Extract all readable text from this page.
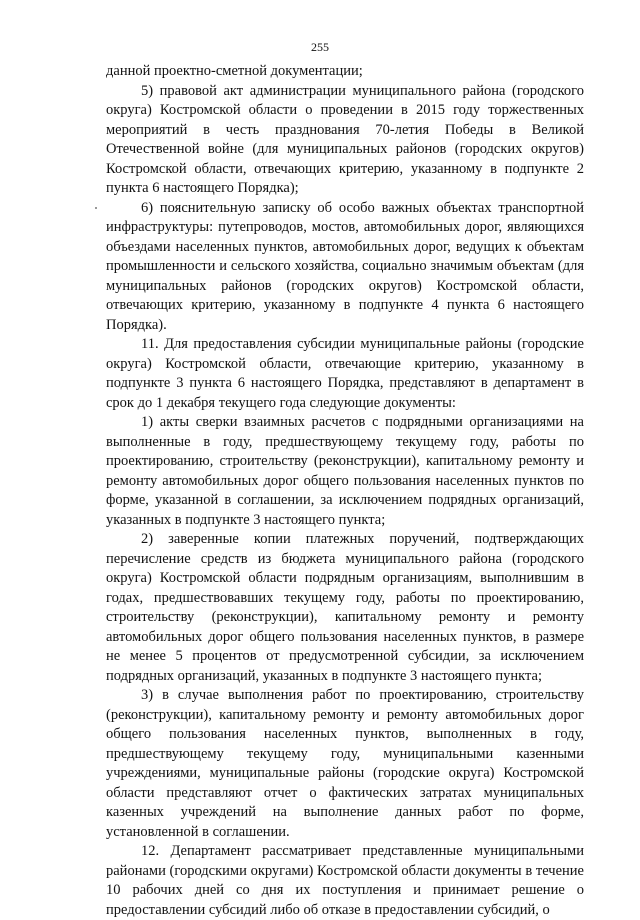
255

данной проектно-сметной документации;

5) правовой акт администрации муниципального района (городского округа) Костромской области о проведении в 2015 году торжественных мероприятий в честь празднования 70-летия Победы в Великой Отечественной войне (для муниципальных районов (городских округов) Костромской области, отвечающих критерию, указанному в подпункте 2 пункта 6 настоящего Порядка);

6) пояснительную записку об особо важных объектах транспортной инфраструктуры: путепроводов, мостов, автомобильных дорог, являющихся объездами населенных пунктов, автомобильных дорог, ведущих к объектам промышленности и сельского хозяйства, социально значимым объектам (для муниципальных районов (городских округов) Костромской области, отвечающих критерию, указанному в подпункте 4 пункта 6 настоящего Порядка).

11. Для предоставления субсидии муниципальные районы (городские округа) Костромской области, отвечающие критерию, указанному в подпункте 3 пункта 6 настоящего Порядка, представляют в департамент в срок до 1 декабря текущего года следующие документы:

1) акты сверки взаимных расчетов с подрядными организациями на выполненные в году, предшествующему текущему году, работы по проектированию, строительству (реконструкции), капитальному ремонту и ремонту автомобильных дорог общего пользования населенных пунктов по форме, указанной в соглашении, за исключением подрядных организаций, указанных в подпункте 3 настоящего пункта;

2) заверенные копии платежных поручений, подтверждающих перечисление средств из бюджета муниципального района (городского округа) Костромской области подрядным организациям, выполнившим в годах, предшествовавших текущему году, работы по проектированию, строительству (реконструкции), капитальному ремонту и ремонту автомобильных дорог общего пользования населенных пунктов, в размере не менее 5 процентов от предусмотренной субсидии, за исключением подрядных организаций, указанных в подпункте 3 настоящего пункта;

3) в случае выполнения работ по проектированию, строительству (реконструкции), капитальному ремонту и ремонту автомобильных дорог общего пользования населенных пунктов, выполненных в году, предшествующему текущему году, муниципальными казенными учреждениями, муниципальные районы (городские округа) Костромской области представляют отчет о фактических затратах муниципальных казенных учреждений на выполнение данных работ по форме, установленной в соглашении.

12. Департамент рассматривает представленные муниципальными районами (городскими округами) Костромской области документы в течение 10 рабочих дней со дня их поступления и принимает решение о предоставлении субсидий либо об отказе в предоставлении субсидий, о
